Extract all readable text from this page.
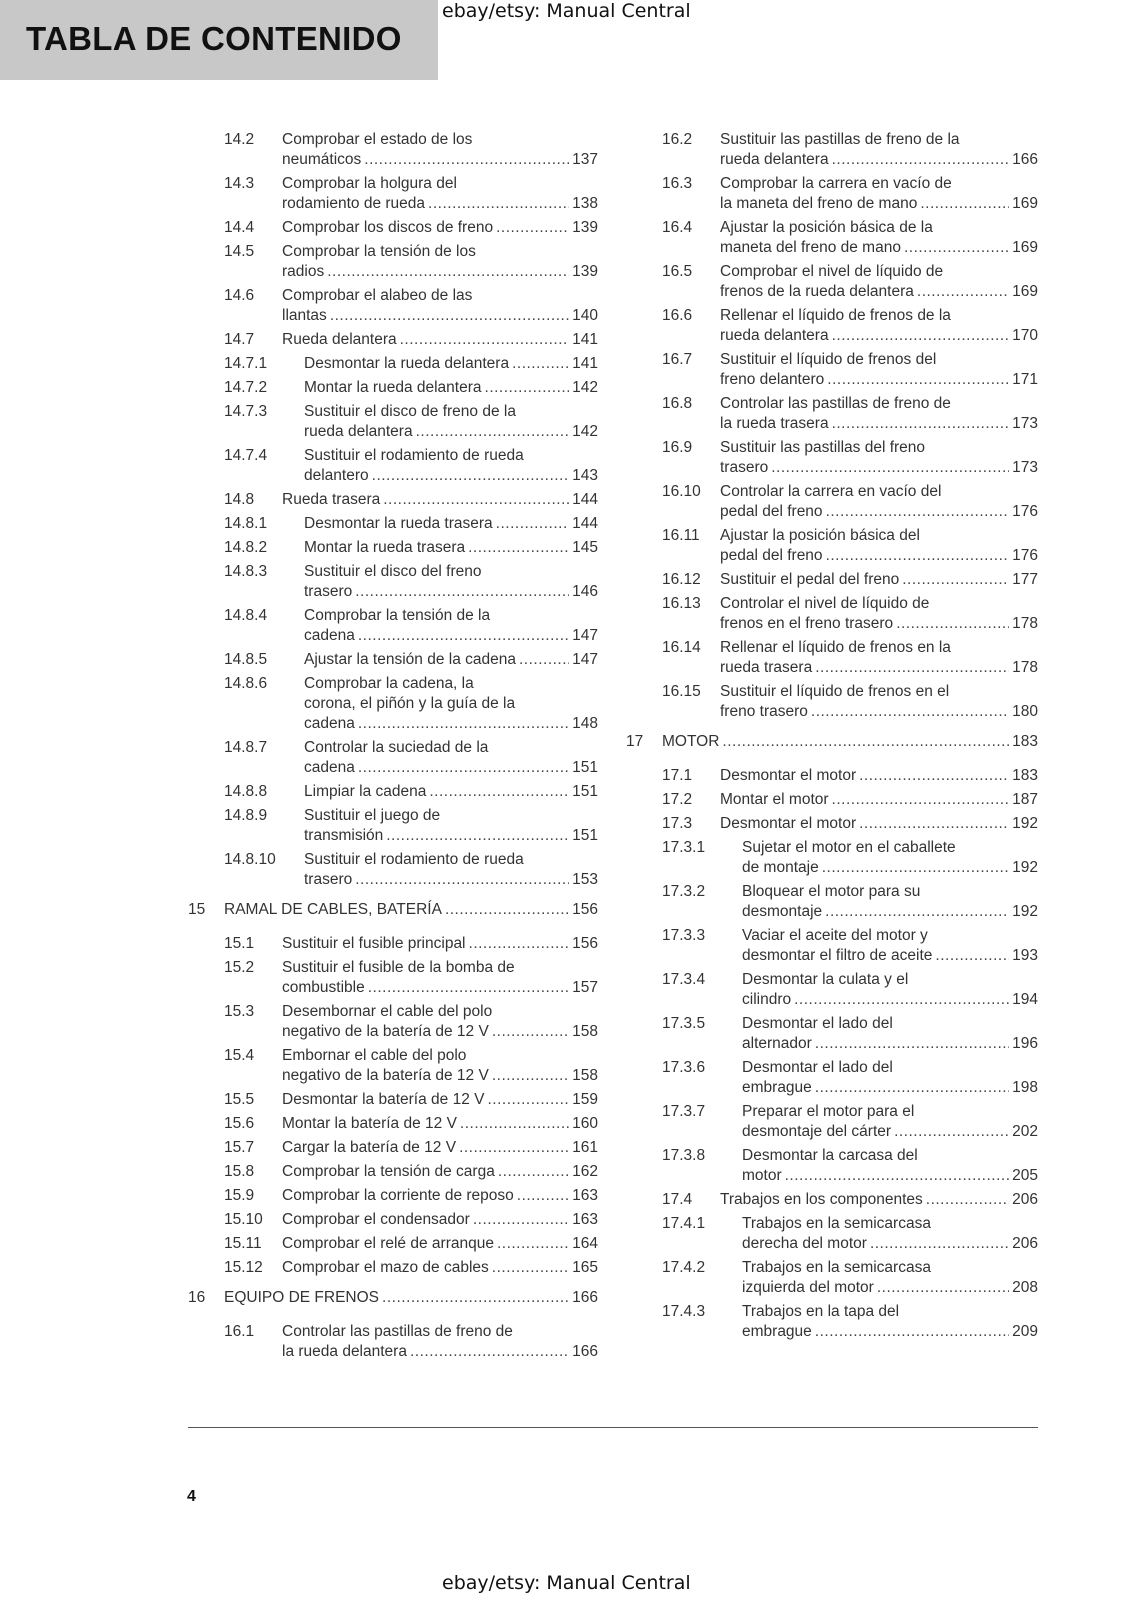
TABLA DE CONTENIDO
ebay/etsy: Manual Central
14.2 Comprobar el estado de los
neumáticos .....	137
14.3 Comprobar la holgura del
rodamiento de rueda .....	138
14.4 Comprobar los discos de freno .....	139
14.5 Comprobar la tensión de los
radios .....	139
14.6 Comprobar el alabeo de las
llantas .....	140
14.7 Rueda delantera .....	141
14.7.1 Desmontar la rueda delantera .....	141
14.7.2 Montar la rueda delantera .....	142
14.7.3 Sustituir el disco de freno de la
rueda delantera .....	142
14.7.4 Sustituir el rodamiento de rueda
delantero .....	143
14.8 Rueda trasera .....	144
14.8.1 Desmontar la rueda trasera .....	144
14.8.2 Montar la rueda trasera .....	145
14.8.3 Sustituir el disco del freno
trasero .....	146
14.8.4 Comprobar la tensión de la
cadena .....	147
14.8.5 Ajustar la tensión de la cadena .....	147
14.8.6 Comprobar la cadena, la
corona, el piñón y la guía de la
cadena .....	148
14.8.7 Controlar la suciedad de la
cadena .....	151
14.8.8 Limpiar la cadena .....	151
14.8.9 Sustituir el juego de
transmisión .....	151
14.8.10 Sustituir el rodamiento de rueda
trasero .....	153
15 RAMAL DE CABLES, BATERÍA .....	156
15.1 Sustituir el fusible principal .....	156
15.2 Sustituir el fusible de la bomba de
combustible .....	157
15.3 Desembornar el cable del polo
negativo de la batería de 12 V .....	158
15.4 Embornar el cable del polo
negativo de la batería de 12 V .....	158
15.5 Desmontar la batería de 12 V .....	159
15.6 Montar la batería de 12 V .....	160
15.7 Cargar la batería de 12 V .....	161
15.8 Comprobar la tensión de carga .....	162
15.9 Comprobar la corriente de reposo .....	163
15.10 Comprobar el condensador .....	163
15.11 Comprobar el relé de arranque .....	164
15.12 Comprobar el mazo de cables .....	165
16 EQUIPO DE FRENOS .....	166
16.1 Controlar las pastillas de freno de
la rueda delantera .....	166
16.2 Sustituir las pastillas de freno de la
rueda delantera .....	166
16.3 Comprobar la carrera en vacío de
la maneta del freno de mano .....	169
16.4 Ajustar la posición básica de la
maneta del freno de mano .....	169
16.5 Comprobar el nivel de líquido de
frenos de la rueda delantera .....	169
16.6 Rellenar el líquido de frenos de la
rueda delantera .....	170
16.7 Sustituir el líquido de frenos del
freno delantero .....	171
16.8 Controlar las pastillas de freno de
la rueda trasera .....	173
16.9 Sustituir las pastillas del freno
trasero .....	173
16.10 Controlar la carrera en vacío del
pedal del freno .....	176
16.11 Ajustar la posición básica del
pedal del freno .....	176
16.12 Sustituir el pedal del freno .....	177
16.13 Controlar el nivel de líquido de
frenos en el freno trasero .....	178
16.14 Rellenar el líquido de frenos en la
rueda trasera .....	178
16.15 Sustituir el líquido de frenos en el
freno trasero .....	180
17 MOTOR .....	183
17.1 Desmontar el motor .....	183
17.2 Montar el motor .....	187
17.3 Desmontar el motor .....	192
17.3.1 Sujetar el motor en el caballete
de montaje .....	192
17.3.2 Bloquear el motor para su
desmontaje .....	192
17.3.3 Vaciar el aceite del motor y
desmontar el filtro de aceite .....	193
17.3.4 Desmontar la culata y el
cilindro .....	194
17.3.5 Desmontar el lado del
alternador .....	196
17.3.6 Desmontar el lado del
embrague .....	198
17.3.7 Preparar el motor para el
desmontaje del cárter .....	202
17.3.8 Desmontar la carcasa del
motor .....	205
17.4 Trabajos en los componentes .....	206
17.4.1 Trabajos en la semicarcasa
derecha del motor .....	206
17.4.2 Trabajos en la semicarcasa
izquierda del motor .....	208
17.4.3 Trabajos en la tapa del
embrague .....	209
4
ebay/etsy: Manual Central
